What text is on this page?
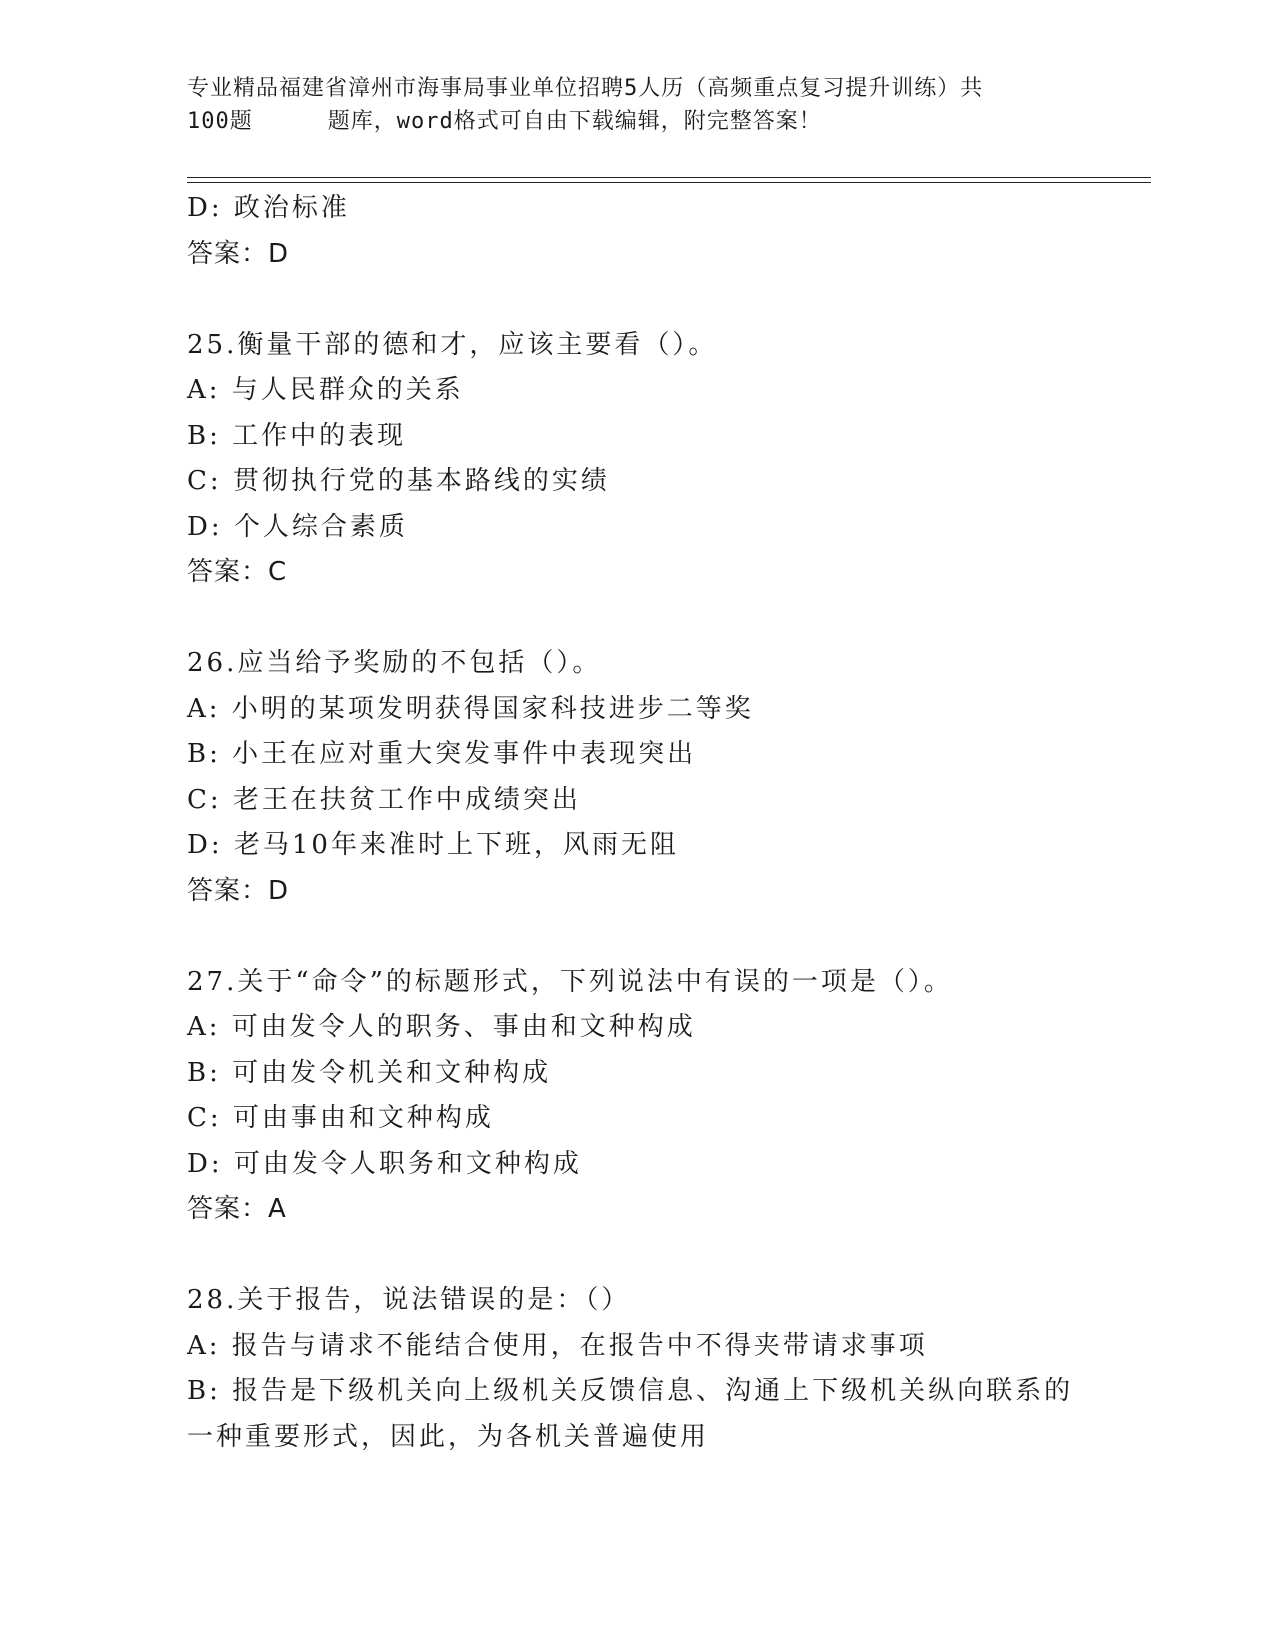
专业精品福建省漳州市海事局事业单位招聘5人历（高频重点复习提升训练）共
100题	题库，word格式可自由下载编辑，附完整答案！
D: 政治标准
答案：D
25.衡量干部的德和才，应该主要看（）。
A: 与人民群众的关系
B: 工作中的表现
C: 贯彻执行党的基本路线的实绩
D: 个人综合素质
答案：C
26.应当给予奖励的不包括（）。
A: 小明的某项发明获得国家科技进步二等奖
B: 小王在应对重大突发事件中表现突出
C: 老王在扶贫工作中成绩突出
D: 老马10年来准时上下班，风雨无阻
答案：D
27.关于“命令”的标题形式，下列说法中有误的一项是（）。
A: 可由发令人的职务、事由和文种构成
B: 可由发令机关和文种构成
C: 可由事由和文种构成
D: 可由发令人职务和文种构成
答案：A
28.关于报告，说法错误的是：（）
A: 报告与请求不能结合使用，在报告中不得夹带请求事项
B: 报告是下级机关向上级机关反馈信息、沟通上下级机关纵向联系的一种重要形式，因此，为各机关普遍使用
